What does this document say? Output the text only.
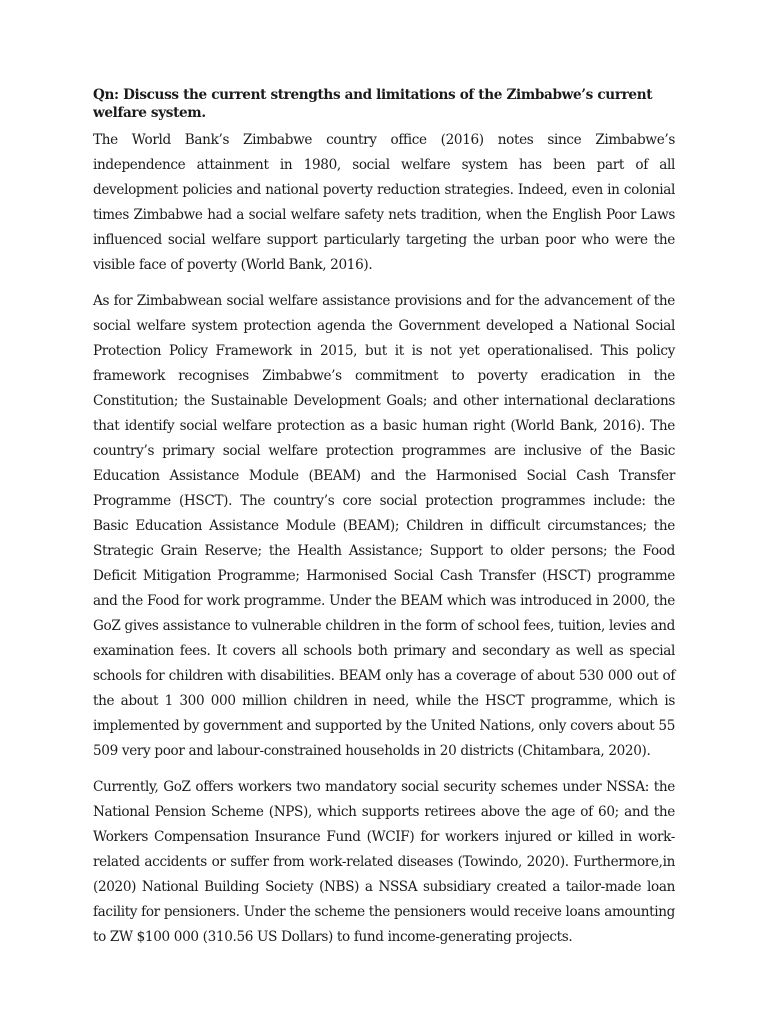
Qn: Discuss the current strengths and limitations of the Zimbabwe’s current welfare system.

The World Bank’s Zimbabwe country office (2016) notes since Zimbabwe’s independence attainment in 1980, social welfare system has been part of all development policies and national poverty reduction strategies. Indeed, even in colonial times Zimbabwe had a social welfare safety nets tradition, when the English Poor Laws influenced social welfare support particularly targeting the urban poor who were the visible face of poverty (World Bank, 2016).

As for Zimbabwean social welfare assistance provisions and for the advancement of the social welfare system protection agenda the Government developed a National Social Protection Policy Framework in 2015, but it is not yet operationalised. This policy framework recognises Zimbabwe’s commitment to poverty eradication in the Constitution; the Sustainable Development Goals; and other international declarations that identify social welfare protection as a basic human right (World Bank, 2016). The country’s primary social welfare protection programmes are inclusive of the Basic Education Assistance Module (BEAM) and the Harmonised Social Cash Transfer Programme (HSCT). The country’s core social protection programmes include: the Basic Education Assistance Module (BEAM); Children in difficult circumstances; the Strategic Grain Reserve; the Health Assistance; Support to older persons; the Food Deficit Mitigation Programme; Harmonised Social Cash Transfer (HSCT) programme and the Food for work programme. Under the BEAM which was introduced in 2000, the GoZ gives assistance to vulnerable children in the form of school fees, tuition, levies and examination fees. It covers all schools both primary and secondary as well as special schools for children with disabilities. BEAM only has a coverage of about 530 000 out of the about 1 300 000 million children in need, while the HSCT programme, which is implemented by government and supported by the United Nations, only covers about 55 509 very poor and labour-constrained households in 20 districts (Chitambara, 2020).

Currently, GoZ offers workers two mandatory social security schemes under NSSA: the National Pension Scheme (NPS), which supports retirees above the age of 60; and the Workers Compensation Insurance Fund (WCIF) for workers injured or killed in work-related accidents or suffer from work-related diseases (Towindo, 2020). Furthermore,in (2020) National Building Society (NBS) a NSSA subsidiary created a tailor-made loan facility for pensioners. Under the scheme the pensioners would receive loans amounting to ZW $100 000 (310.56 US Dollars) to fund income-generating projects.
